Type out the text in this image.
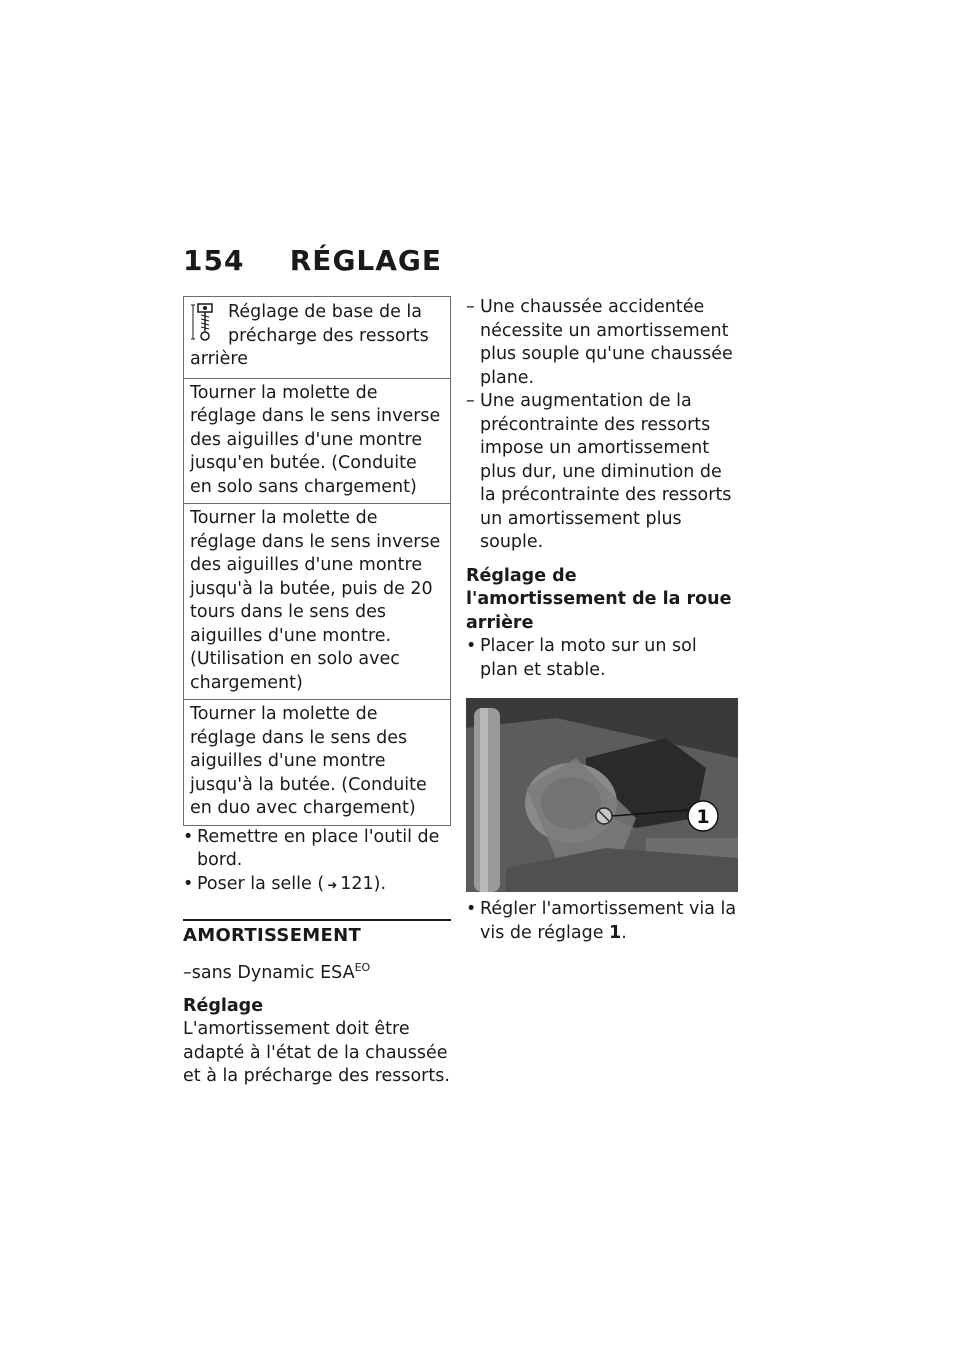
154 RÉGLAGE
Réglage de base de la précharge des ressorts arrière
Tourner la molette de réglage dans le sens inverse des aiguilles d'une montre jusqu'en butée. (Conduite en solo sans chargement)
Tourner la molette de réglage dans le sens inverse des aiguilles d'une montre jusqu'à la butée, puis de 20 tours dans le sens des aiguilles d'une montre. (Utilisation en solo avec chargement)
Tourner la molette de réglage dans le sens des aiguilles d'une montre jusqu'à la butée. (Conduite en duo avec chargement)
• Remettre en place l'outil de bord.
• Poser la selle ( ➜ 121).
AMORTISSEMENT
–sans Dynamic $ESA^{EO}$
Réglage
L'amortissement doit être adapté à l'état de la chaussée et à la précharge des ressorts.
– Une chaussée accidentée nécessite un amortissement plus souple qu'une chaussée plane.
– Une augmentation de la précontrainte des ressorts impose un amortissement plus dur, une diminution de la précontrainte des ressorts un amortissement plus souple.
Réglage de l'amortissement de la roue arrière
• Placer la moto sur un sol plan et stable.
1
• Régler l'amortissement via la vis de réglage 1.
